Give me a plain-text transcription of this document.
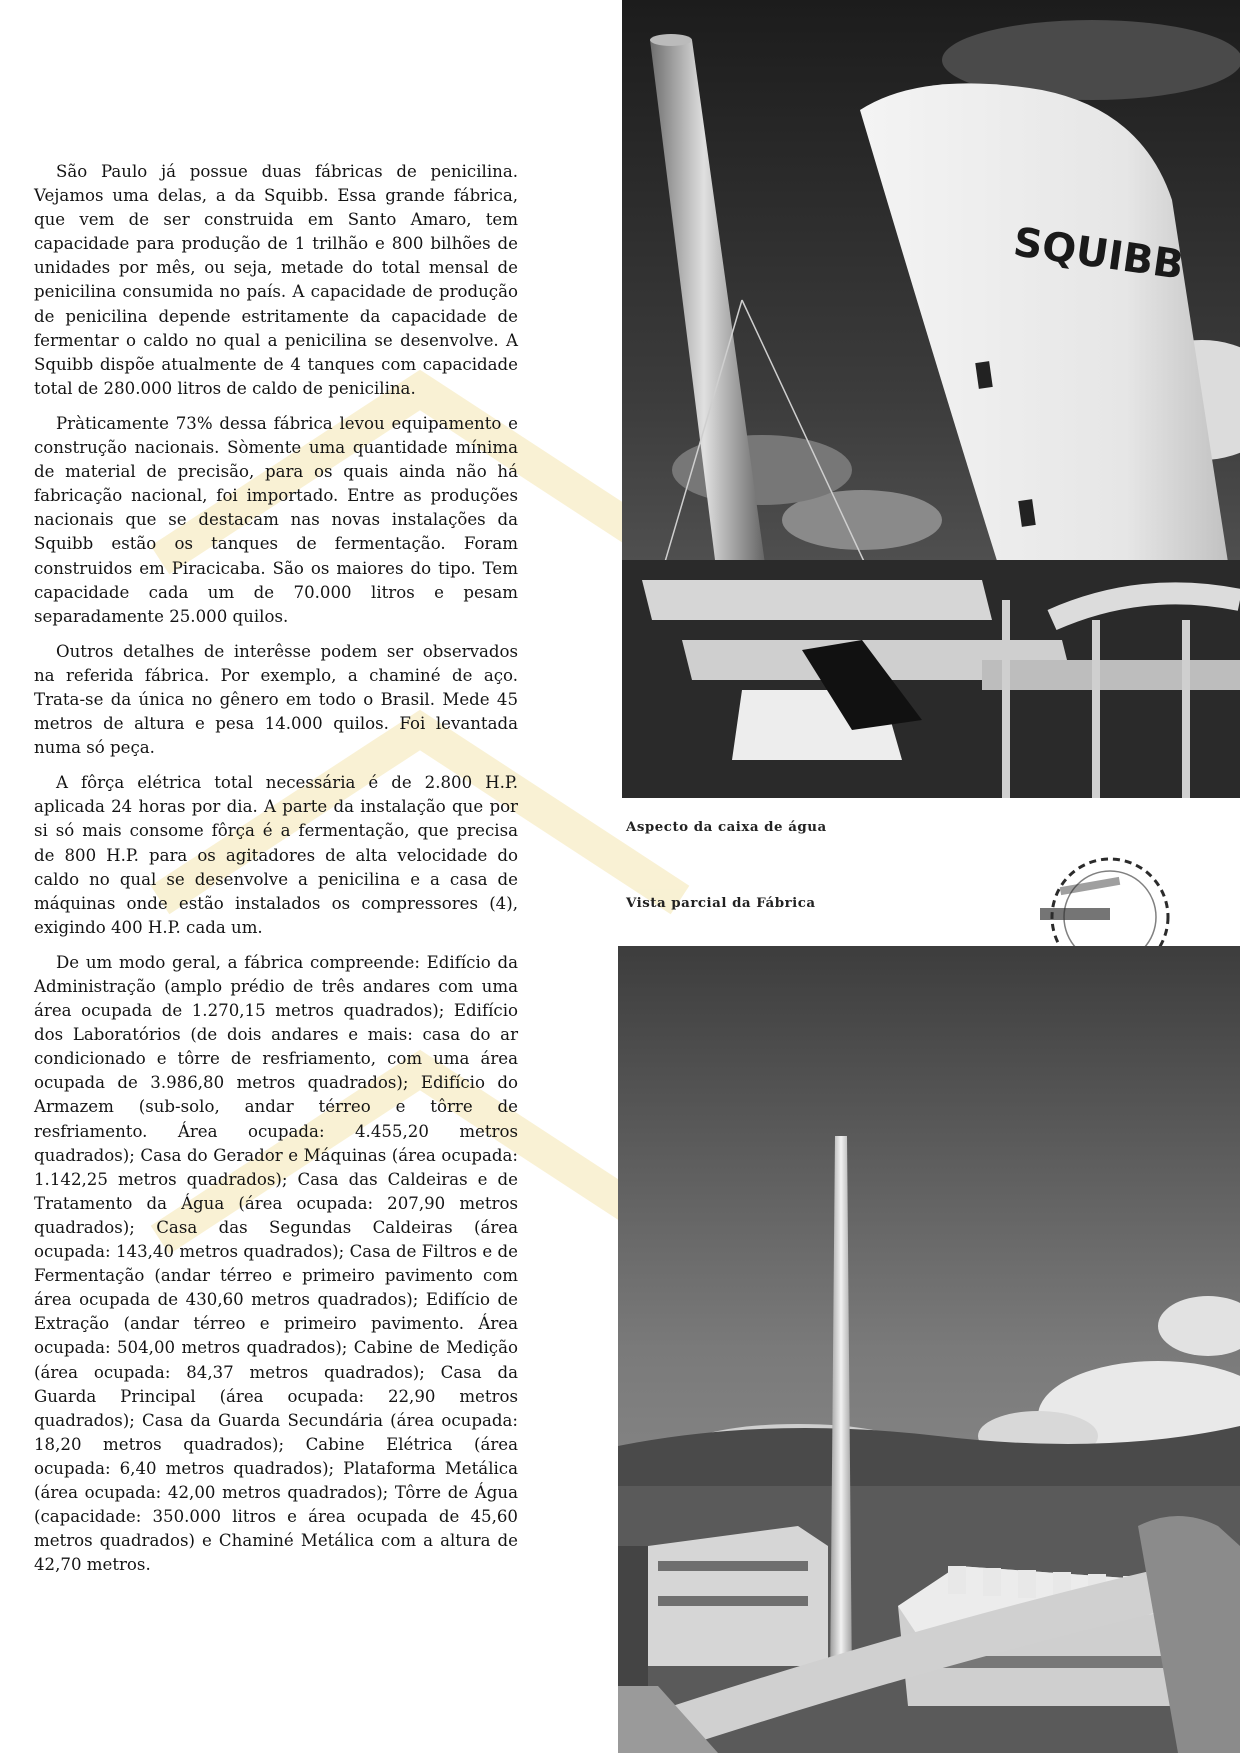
São Paulo já possue duas fábricas de penicilina. Vejamos uma delas, a da Squibb. Essa grande fábrica, que vem de ser construida em Santo Amaro, tem capacidade para produção de 1 trilhão e 800 bilhões de unidades por mês, ou seja, metade do total mensal de penicilina consumida no país. A capacidade de produção de penicilina depende estritamente da capacidade de fermentar o caldo no qual a penicilina se desenvolve. A Squibb dispõe atualmente de 4 tanques com capacidade total de 280.000 litros de caldo de penicilina.

Pràticamente 73% dessa fábrica levou equipamento e construção nacionais. Sòmente uma quantidade mínima de material de precisão, para os quais ainda não há fabricação nacional, foi importado. Entre as produções nacionais que se destacam nas novas instalações da Squibb estão os tanques de fermentação. Foram construidos em Piracicaba. São os maiores do tipo. Tem capacidade cada um de 70.000 litros e pesam separadamente 25.000 quilos.

Outros detalhes de interêsse podem ser observados na referida fábrica. Por exemplo, a chaminé de aço. Trata-se da única no gênero em todo o Brasil. Mede 45 metros de altura e pesa 14.000 quilos. Foi levantada numa só peça.

A fôrça elétrica total necessária é de 2.800 H.P. aplicada 24 horas por dia. A parte da instalação que por si só mais consome fôrça é a fermentação, que precisa de 800 H.P. para os agitadores de alta velocidade do caldo no qual se desenvolve a penicilina e a casa de máquinas onde estão instalados os compressores (4), exigindo 400 H.P. cada um.

De um modo geral, a fábrica compreende: Edifício da Administração (amplo prédio de três andares com uma área ocupada de 1.270,15 metros quadrados); Edifício dos Laboratórios (de dois andares e mais: casa do ar condicionado e tôrre de resfriamento, com uma área ocupada de 3.986,80 metros quadrados); Edifício do Armazem (sub-solo, andar térreo e tôrre de resfriamento. Área ocupada: 4.455,20 metros quadrados); Casa do Gerador e Máquinas (área ocupada: 1.142,25 metros quadrados); Casa das Caldeiras e de Tratamento da Água (área ocupada: 207,90 metros quadrados); Casa das Segundas Caldeiras (área ocupada: 143,40 metros quadrados); Casa de Filtros e de Fermentação (andar térreo e primeiro pavimento com área ocupada de 430,60 metros quadrados); Edifício de Extração (andar térreo e primeiro pavimento. Área ocupada: 504,00 metros quadrados); Cabine de Medição (área ocupada: 84,37 metros quadrados); Casa da Guarda Principal (área ocupada: 22,90 metros quadrados); Casa da Guarda Secundária (área ocupada: 18,20 metros quadrados); Cabine Elétrica (área ocupada: 6,40 metros quadrados); Plataforma Metálica (área ocupada: 42,00 metros quadrados); Tôrre de Água (capacidade: 350.000 litros e área ocupada de 45,60 metros quadrados) e Chaminé Metálica com a altura de 42,70 metros.

SQUIBB
Aspecto da caixa de água
Vista parcial da Fábrica
